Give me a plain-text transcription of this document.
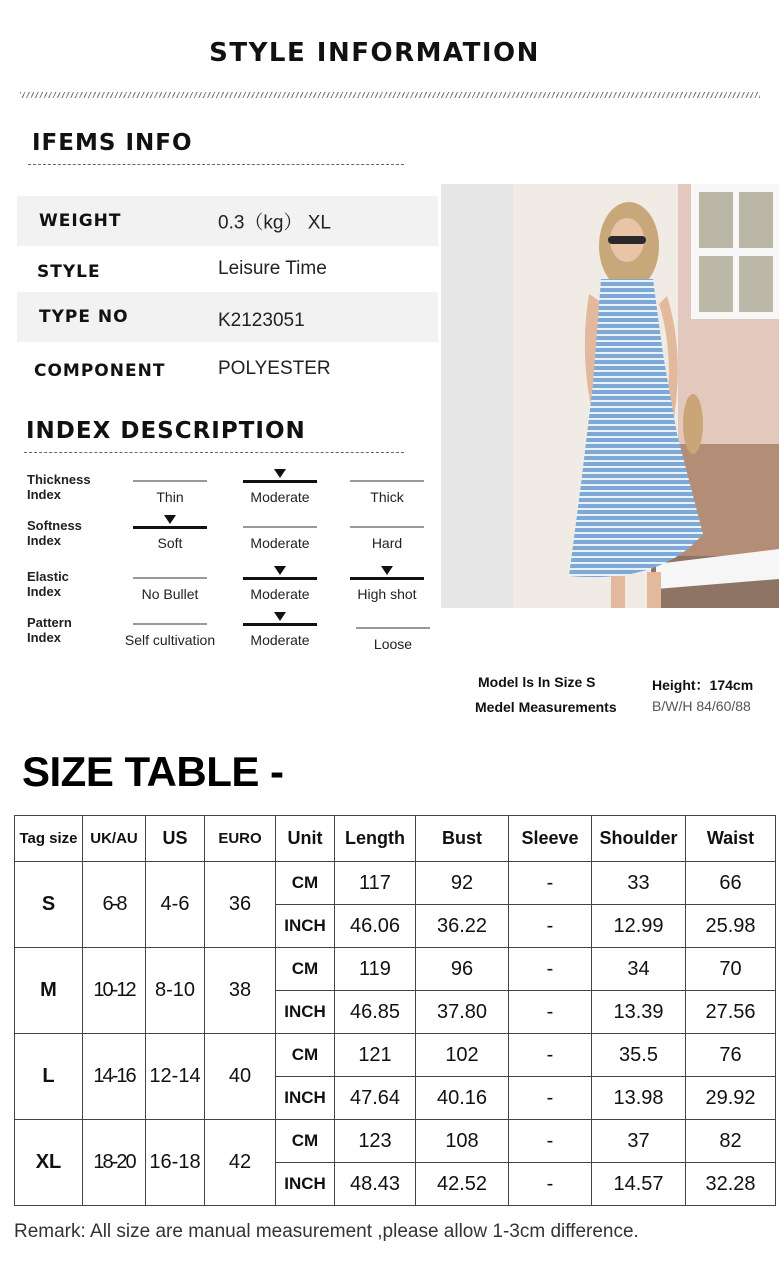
STYLE INFORMATION
IFEMS INFO
WEIGHT	0.3（kg） XL
STYLE	Leisure Time
TYPE NO	K2123051
COMPONENT	POLYESTER
INDEX DESCRIPTION
Thickness
Index	Thin	Moderate	Thick
Softness
Index	Soft	Moderate	Hard
Elastic
Index	No Bullet	Moderate	High shot
Pattern
Index	Self cultivation	Moderate	Loose
Model ls ln Size S	Height：174cm
Medel Measurements	B/W/H 84/60/88
SIZE TABLE -
Tag size	UK/AU	US	EURO	Unit	Length	Bust	Sleeve	Shoulder	Waist
S	6-8	4-6	36	CM	117	92	-	33	66
				INCH	46.06	36.22	-	12.99	25.98
M	10-12	8-10	38	CM	119	96	-	34	70
				INCH	46.85	37.80	-	13.39	27.56
L	14-16	12-14	40	CM	121	102	-	35.5	76
				INCH	47.64	40.16	-	13.98	29.92
XL	18-20	16-18	42	CM	123	108	-	37	82
				INCH	48.43	42.52	-	14.57	32.28
Remark: All size are manual measurement ,please allow 1-3cm difference.
